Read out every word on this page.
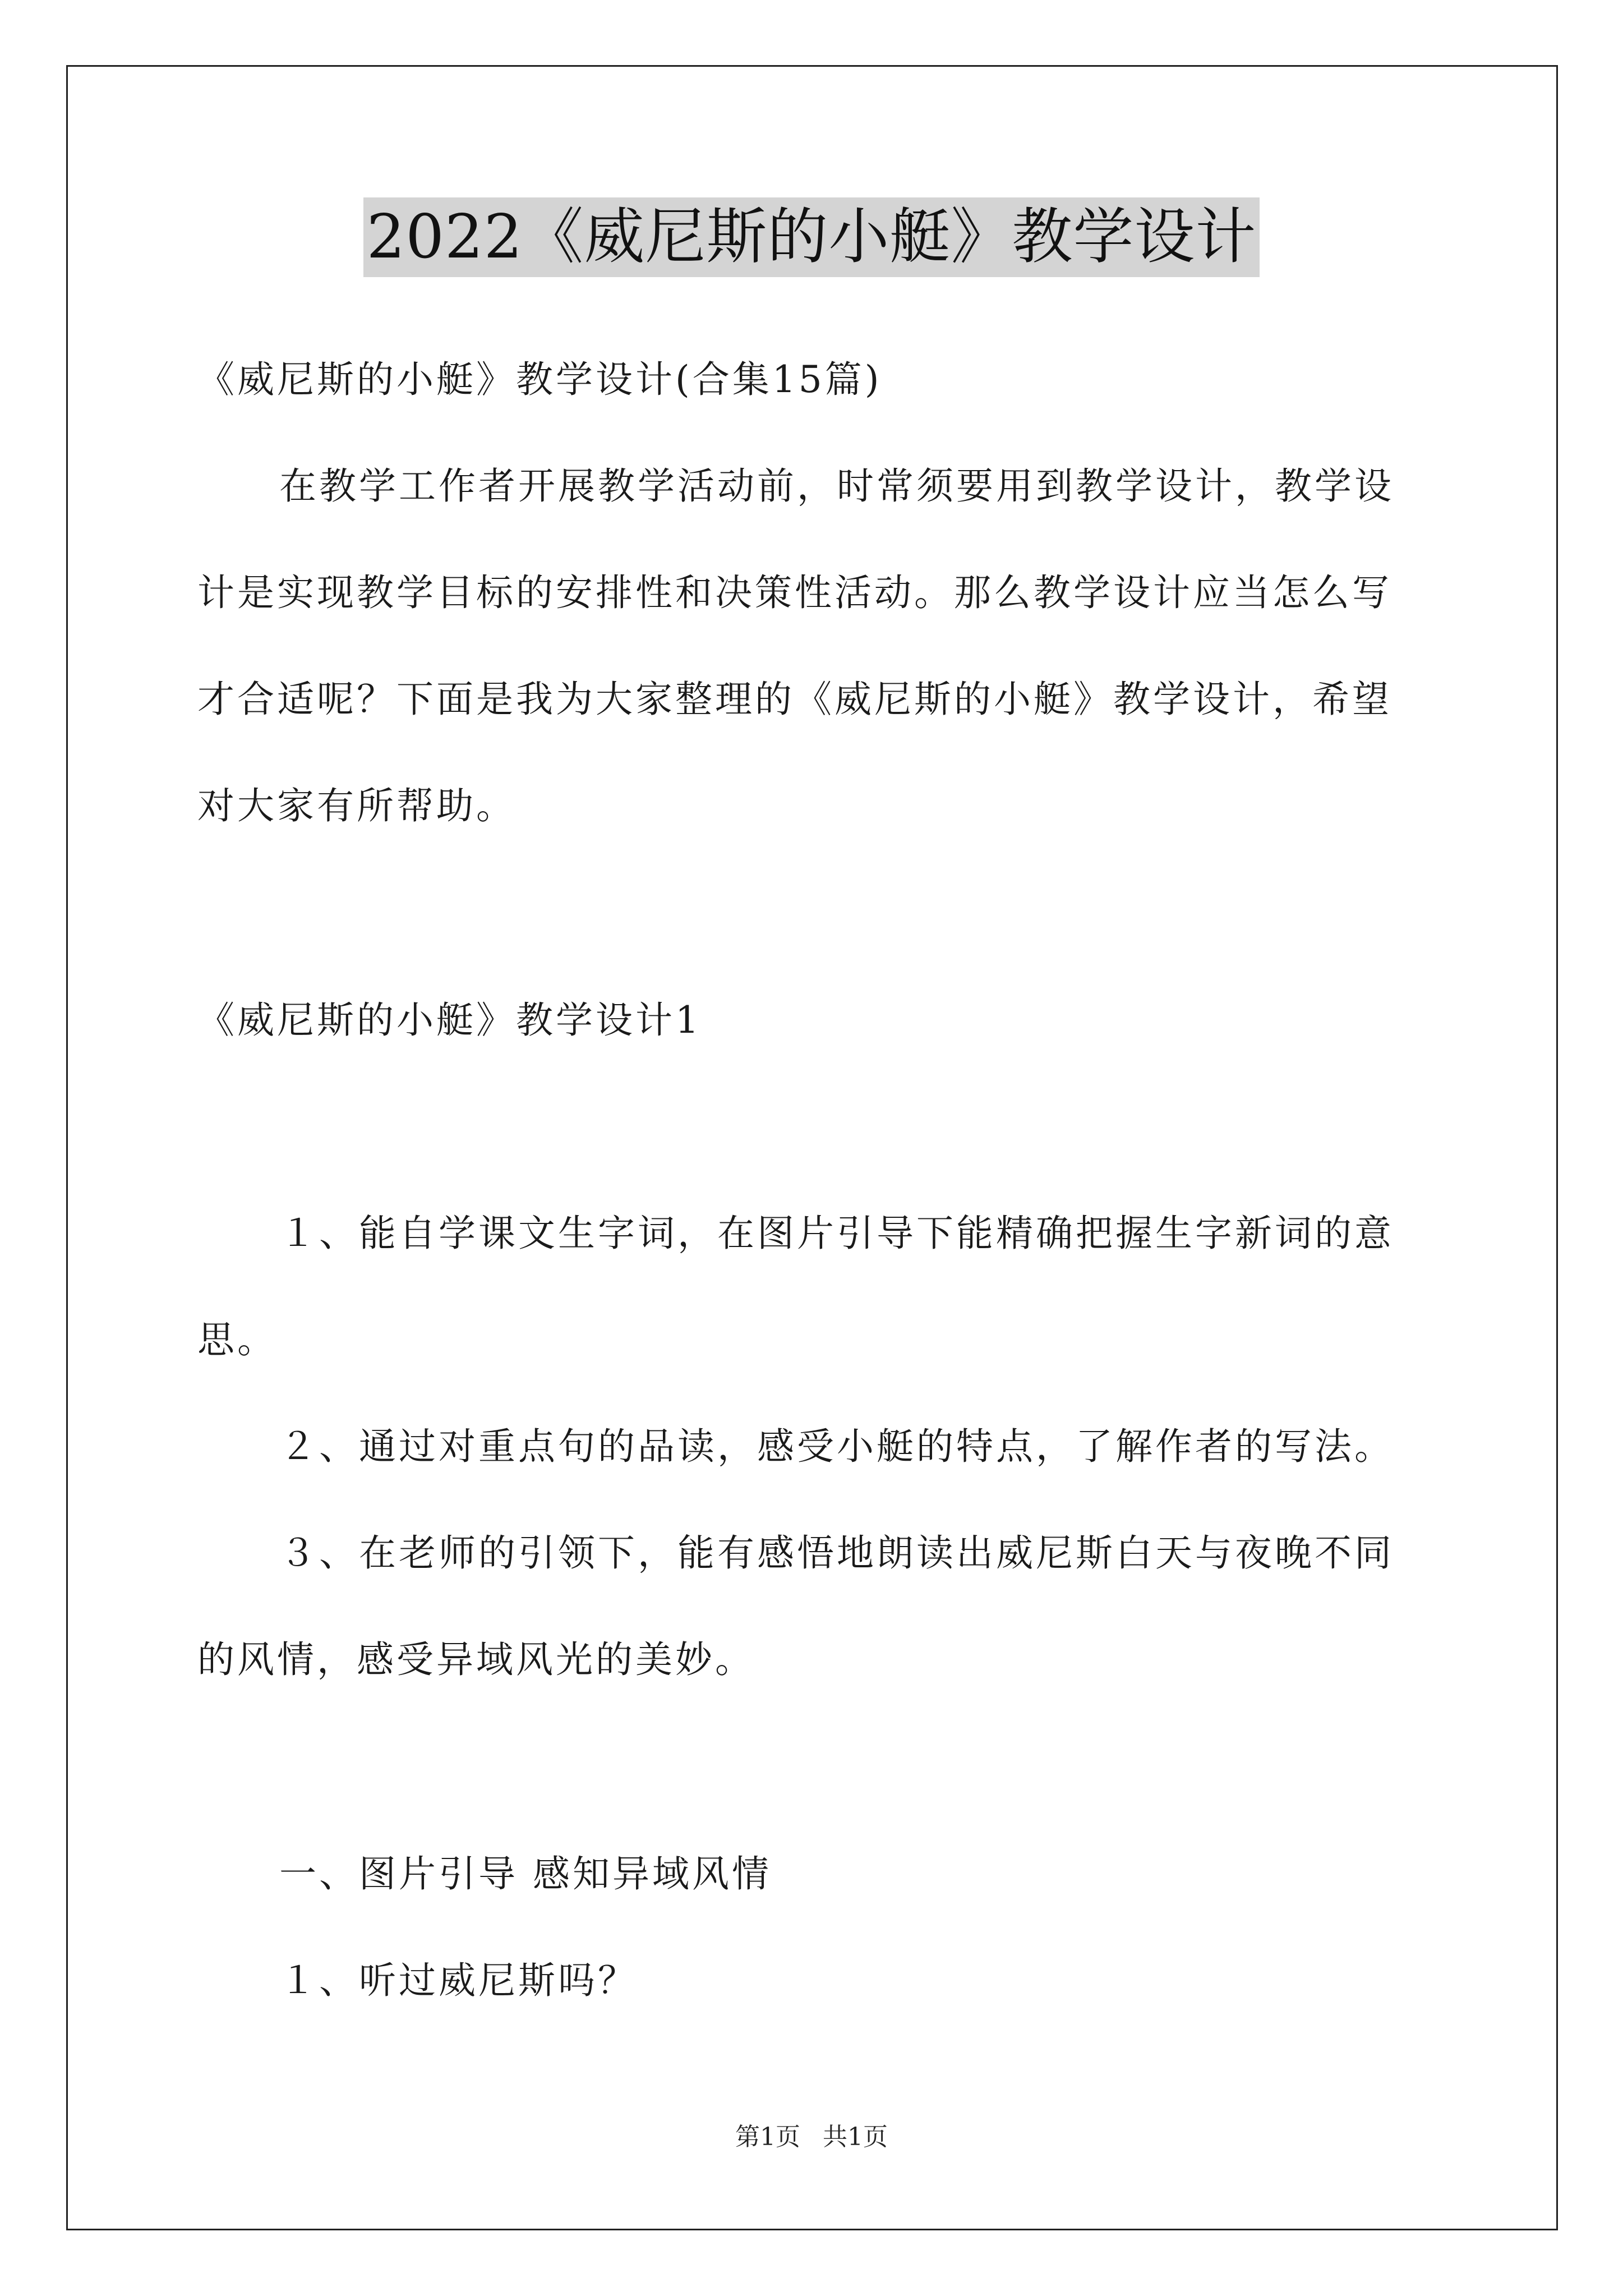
2022《威尼斯的小艇》教学设计
《威尼斯的小艇》教学设计(合集15篇)
在教学工作者开展教学活动前，时常须要用到教学设计，教学设
计是实现教学目标的安排性和决策性活动。那么教学设计应当怎么写
才合适呢？下面是我为大家整理的《威尼斯的小艇》教学设计，希望
对大家有所帮助。
《威尼斯的小艇》教学设计1
１、能自学课文生字词，在图片引导下能精确把握生字新词的意
思。
２、通过对重点句的品读，感受小艇的特点，了解作者的写法。
３、在老师的引领下，能有感悟地朗读出威尼斯白天与夜晚不同
的风情，感受异域风光的美妙。
一、图片引导 感知异域风情
１、听过威尼斯吗？
第1页 共1页
